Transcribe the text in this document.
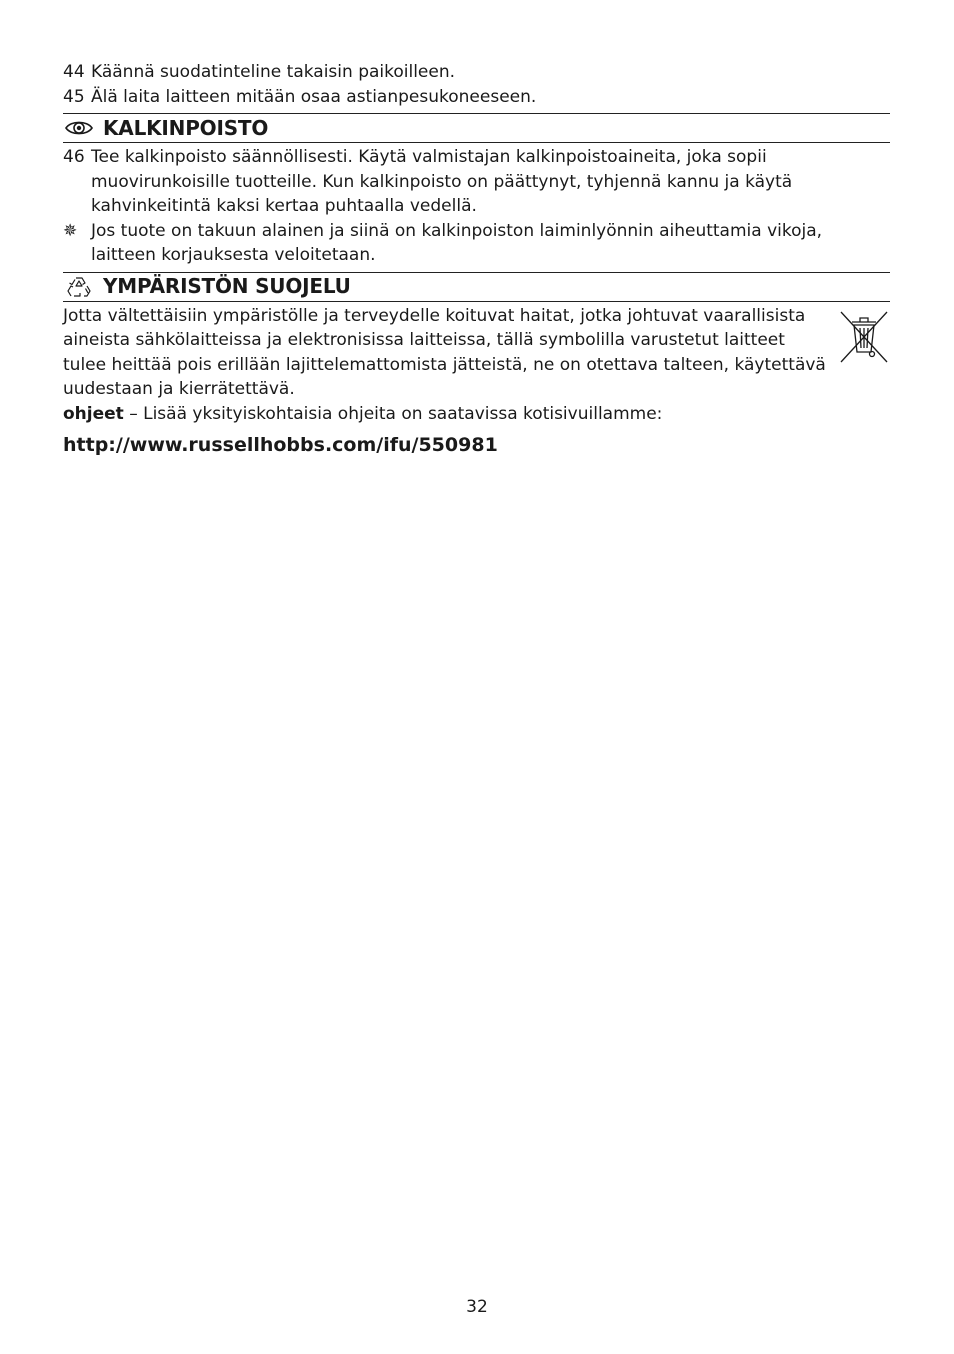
44 Käännä suodatinteline takaisin paikoilleen.

45 Älä laita laitteen mitään osaa astianpesukoneeseen.

KALKINPOISTO

46 Tee kalkinpoisto säännöllisesti. Käytä valmistajan kalkinpoistoaineita, joka sopii muovirunkoisille tuotteille. Kun kalkinpoisto on päättynyt, tyhjennä kannu ja käytä kahvinkeitintä kaksi kertaa puhtaalla vedellä.

✵ Jos tuote on takuun alainen ja siinä on kalkinpoiston laiminlyönnin aiheuttamia vikoja, laitteen korjauksesta veloitetaan.

YMPÄRISTÖN SUOJELU

Jotta vältettäisiin ympäristölle ja terveydelle koituvat haitat, jotka johtuvat vaarallisista aineista sähkölaitteissa ja elektronisissa laitteissa, tällä symbolilla varustetut laitteet tulee heittää pois erillään lajittelemattomista jätteistä, ne on otettava talteen, käytettävä uudestaan ja kierrätettävä.

ohjeet – Lisää yksityiskohtaisia ohjeita on saatavissa kotisivuillamme:

http://www.russellhobbs.com/ifu/550981
32
